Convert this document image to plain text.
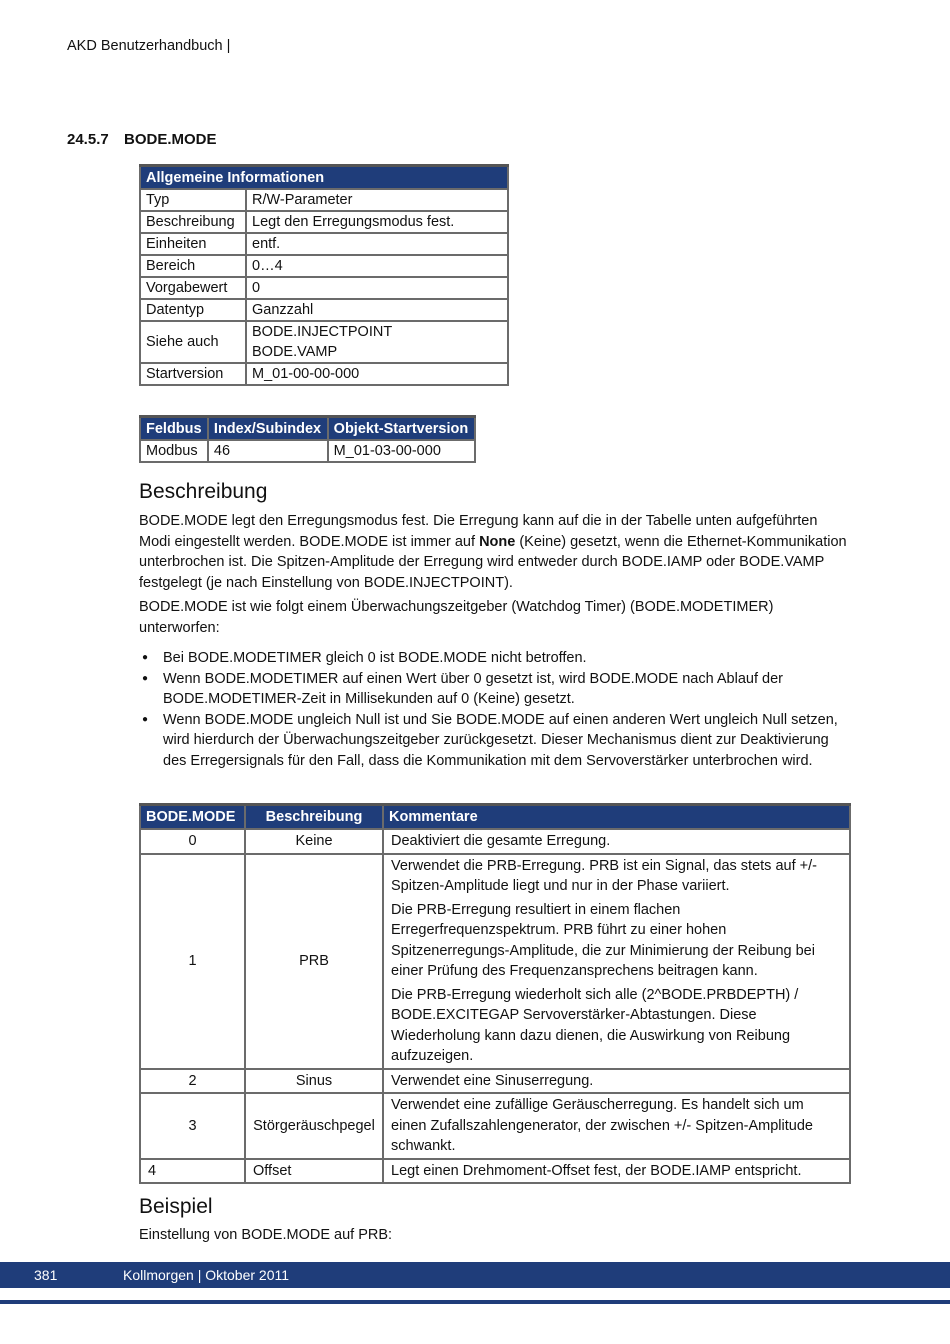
AKD Benutzerhandbuch |
24.5.7 BODE.MODE
Allgemeine Informationen	
Typ	R/W-Parameter
Beschreibung	Legt den Erregungsmodus fest.
Einheiten	entf.
Bereich	0…4
Vorgabewert	0
Datentyp	Ganzzahl
Siehe auch	BODE.INJECTPOINT
BODE.VAMP

Startversion	M_01-00-00-000
Feldbus	Index/Subindex	Objekt-Startversion
Modbus	46	M_01-03-00-000
Beschreibung
BODE.MODE legt den Erregungsmodus fest. Die Erregung kann auf die in der Tabelle unten aufgeführten Modi eingestellt werden. BODE.MODE ist immer auf None (Keine) gesetzt, wenn die Ethernet-Kommunikation unterbrochen ist. Die Spitzen-Amplitude der Erregung wird entweder durch BODE.IAMP oder BODE.VAMP festgelegt (je nach Einstellung von BODE.INJECTPOINT).
BODE.MODE ist wie folgt einem Überwachungszeitgeber (Watchdog Timer) (BODE.MODETIMER) unterworfen:
● Bei BODE.MODETIMER gleich 0 ist BODE.MODE nicht betroffen.
● Wenn BODE.MODETIMER auf einen Wert über 0 gesetzt ist, wird BODE.MODE nach Ablauf der BODE.MODETIMER-Zeit in Millisekunden auf 0 (Keine) gesetzt.
● Wenn BODE.MODE ungleich Null ist und Sie BODE.MODE auf einen anderen Wert ungleich Null setzen, wird hierdurch der Überwachungszeitgeber zurückgesetzt. Dieser Mechanismus dient zur Deaktivierung des Erregersignals für den Fall, dass die Kommunikation mit dem Servoverstärker unterbrochen wird.
BODE.MODE	Beschreibung	Kommentare
0	Keine	Deaktiviert die gesamte Erregung.

1	PRB	Verwendet die PRB-Erregung. PRB ist ein Signal, das stets auf +/- Spitzen-Amplitude liegt und nur in der Phase variiert.

Die PRB-Erregung resultiert in einem flachen Erregerfrequenzspektrum. PRB führt zu einer hohen Spitzenerregungs-Amplitude, die zur Minimierung der Reibung bei einer Prüfung des Frequenzansprechens beitragen kann.

Die PRB-Erregung wiederholt sich alle (2^BODE.PRBDEPTH) / BODE.EXCITEGAP Servoverstärker-Abtastungen. Diese Wiederholung kann dazu dienen, die Auswirkung von Reibung aufzuzeigen.

2	Sinus	Verwendet eine Sinuserregung.

3	Störgeräuschpegel	Verwendet eine zufällige Geräuscherregung. Es handelt sich um einen Zufallszahlengenerator, der zwischen +/- Spitzen-Amplitude schwankt.

4	Offset	Legt einen Drehmoment-Offset fest, der BODE.IAMP entspricht.

Beispiel
Einstellung von BODE.MODE auf PRB:
381	Kollmorgen | Oktober 2011
